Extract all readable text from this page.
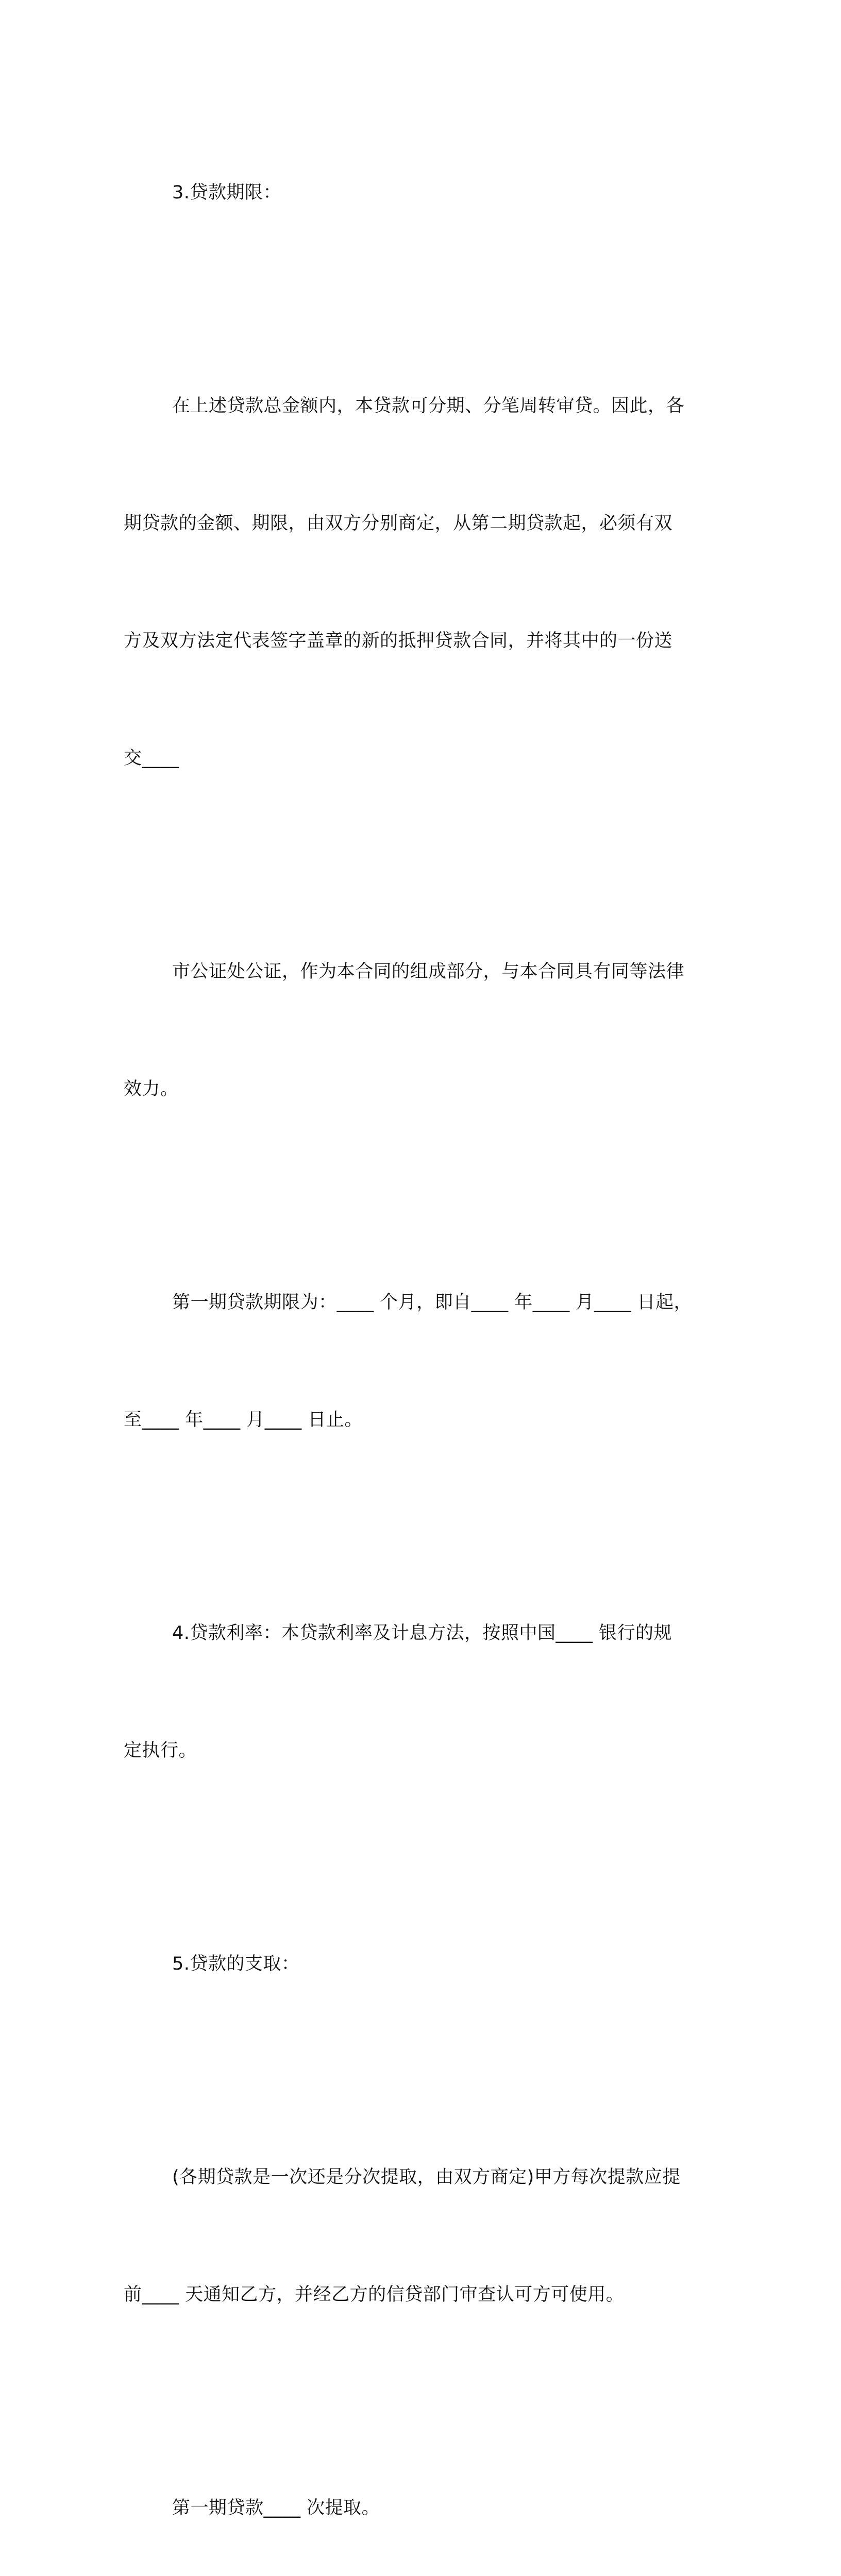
3.贷款期限：

在上述贷款总金额内，本贷款可分期、分笔周转审贷。因此，各

期贷款的金额、期限，由双方分别商定，从第二期贷款起，必须有双

方及双方法定代表签字盖章的新的抵押贷款合同，并将其中的一份送

交____

市公证处公证，作为本合同的组成部分，与本合同具有同等法律

效力。

第一期贷款期限为：____ 个月，即自____ 年____ 月____ 日起，

至____ 年____ 月____ 日止。

4.贷款利率：本贷款利率及计息方法，按照中国____ 银行的规

定执行。

5.贷款的支取：

(各期贷款是一次还是分次提取，由双方商定)甲方每次提款应提

前____ 天通知乙方，并经乙方的信贷部门审查认可方可使用。

第一期贷款____ 次提取。
